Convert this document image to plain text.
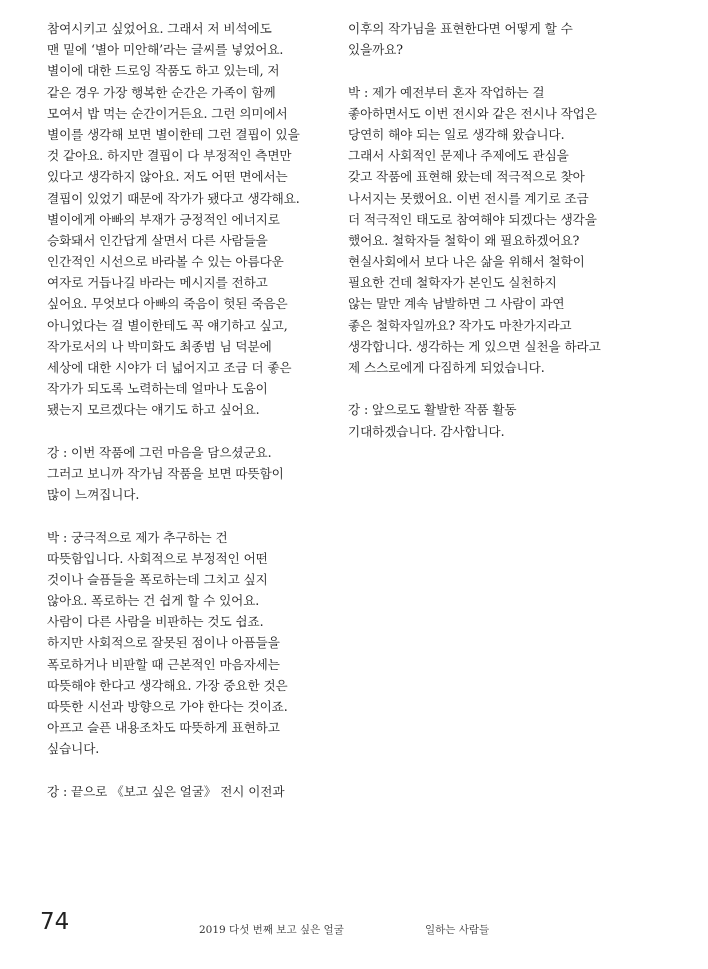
참여시키고 싶었어요. 그래서 저 비석에도
맨 밑에 ‘별아 미안해’라는 글씨를 넣었어요.
별이에 대한 드로잉 작품도 하고 있는데, 저
같은 경우 가장 행복한 순간은 가족이 함께
모여서 밥 먹는 순간이거든요. 그런 의미에서
별이를 생각해 보면 별이한테 그런 결핍이 있을
것 같아요. 하지만 결핍이 다 부정적인 측면만
있다고 생각하지 않아요. 저도 어떤 면에서는
결핍이 있었기 때문에 작가가 됐다고 생각해요.
별이에게 아빠의 부재가 긍정적인 에너지로
승화돼서 인간답게 살면서 다른 사람들을
인간적인 시선으로 바라볼 수 있는 아름다운
여자로 거듭나길 바라는 메시지를 전하고
싶어요. 무엇보다 아빠의 죽음이 헛된 죽음은
아니었다는 걸 별이한테도 꼭 얘기하고 싶고,
작가로서의 나 박미화도 최종범 님 덕분에
세상에 대한 시야가 더 넓어지고 조금 더 좋은
작가가 되도록 노력하는데 얼마나 도움이
됐는지 모르겠다는 얘기도 하고 싶어요.
강 : 이번 작품에 그런 마음을 담으셨군요.
그러고 보니까 작가님 작품을 보면 따뜻함이
많이 느껴집니다.
박 : 궁극적으로 제가 추구하는 건
따뜻함입니다. 사회적으로 부정적인 어떤
것이나 슬픔들을 폭로하는데 그치고 싶지
않아요. 폭로하는 건 쉽게 할 수 있어요.
사람이 다른 사람을 비판하는 것도 쉽죠.
하지만 사회적으로 잘못된 점이나 아픔들을
폭로하거나 비판할 때 근본적인 마음자세는
따뜻해야 한다고 생각해요. 가장 중요한 것은
따뜻한 시선과 방향으로 가야 한다는 것이죠.
아프고 슬픈 내용조차도 따뜻하게 표현하고
싶습니다.
강 : 끝으로 《보고 싶은 얼굴》 전시 이전과
이후의 작가님을 표현한다면 어떻게 할 수
있을까요?
박 : 제가 예전부터 혼자 작업하는 걸
좋아하면서도 이번 전시와 같은 전시나 작업은
당연히 해야 되는 일로 생각해 왔습니다.
그래서 사회적인 문제나 주제에도 관심을
갖고 작품에 표현해 왔는데 적극적으로 찾아
나서지는 못했어요. 이번 전시를 계기로 조금
더 적극적인 태도로 참여해야 되겠다는 생각을
했어요. 철학자들 철학이 왜 필요하겠어요?
현실사회에서 보다 나은 삶을 위해서 철학이
필요한 건데 철학자가 본인도 실천하지
않는 말만 계속 남발하면 그 사람이 과연
좋은 철학자일까요? 작가도 마찬가지라고
생각합니다. 생각하는 게 있으면 실천을 하라고
제 스스로에게 다짐하게 되었습니다.
강 : 앞으로도 활발한 작품 활동
기대하겠습니다. 감사합니다.
74	2019 다섯 번째 보고 싶은 얼굴	일하는 사람들
